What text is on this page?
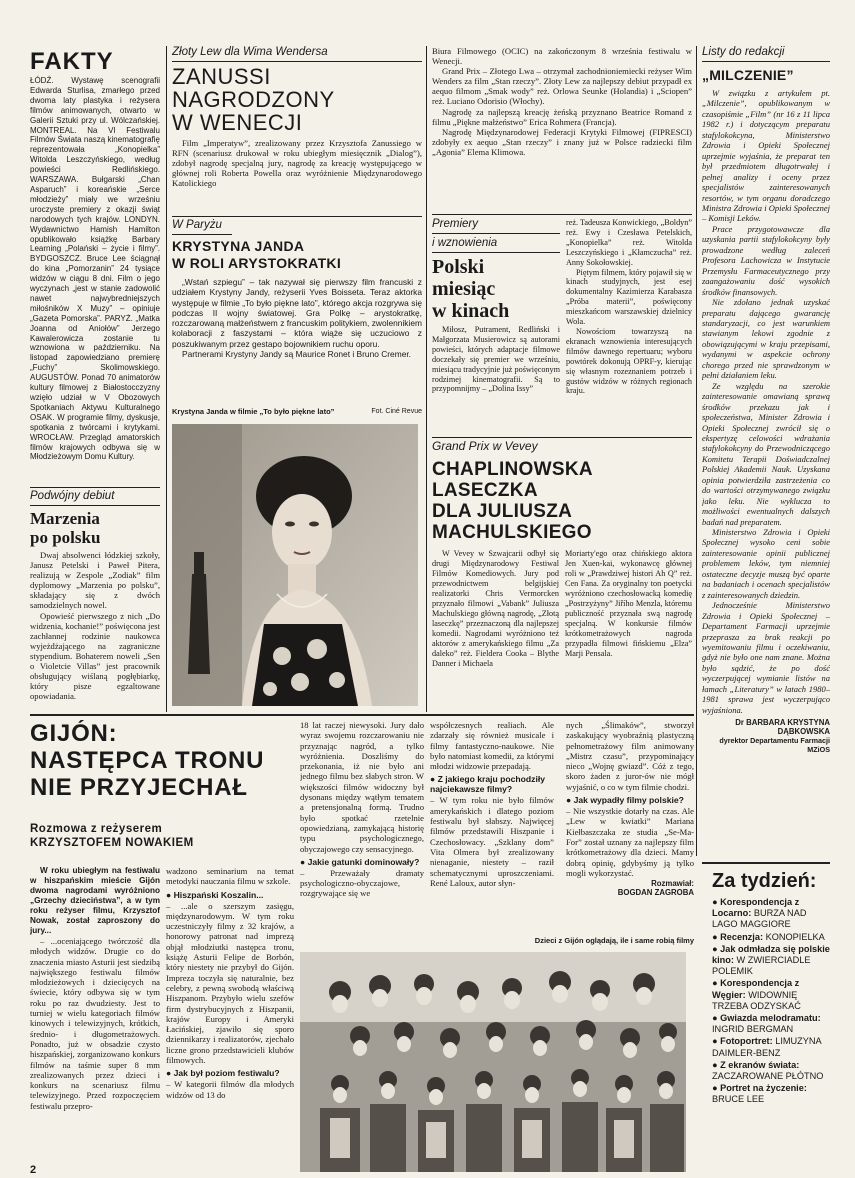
FAKTY

ŁÓDŹ. Wystawę scenografii Edwarda Sturlisa, zmarłego przed dwoma laty plastyka i reżysera filmów animowanych, otwarto w Galerii Sztuki przy ul. Wólczańskiej. MONTREAL. Na VI Festiwalu Filmów Świata naszą kinematografię reprezentowała „Konopielka” Witolda Leszczyńskiego, według powieści Redlińskiego. WARSZAWA. Bułgarski „Chan Asparuch” i koreańskie „Serce młodzieży” miały we wrześniu uroczyste premiery z okazji świąt narodowych tych krajów. LONDYN. Wydawnictwo Hamish Hamilton opublikowało książkę Barbary Learning „Polański – życie i filmy”. BYDGOSZCZ. Bruce Lee ściągnął do kina „Pomorzanin” 24 tysiące widzów w ciągu 8 dni. Film o jego wyczynach „jest w stanie zadowolić nawet najwybredniejszych miłośników X Muzy” – opiniuje „Gazeta Pomorska”. PARYŻ. „Matka Joanna od Aniołów” Jerzego Kawalerowicza zostanie tu wznowiona w październiku. Na listopad zapowiedziano premierę „Fuchy” Skolimowskiego. AUGUSTÓW. Ponad 70 animatorów kultury filmowej z Białostocczyzny wzięło udział w V Obozowych Spotkaniach Aktywu Kulturalnego OSAK. W programie filmy, dyskusje, spotkania z twórcami i krytykami. WROCŁAW. Przegląd amatorskich filmów krajowych odbywa się w Młodzieżowym Domu Kultury.

Podwójny debiut
Marzenia
po polsku

Dwaj absolwenci łódzkiej szkoły, Janusz Petelski i Paweł Pitera, realizują w Zespole „Zodiak” film dyplomowy „Marzenia po polsku”, składający się z dwóch samodzielnych nowel.

Opowieść pierwszego z nich „Do widzenia, kochanie!” poświęcona jest zachłannej rodzinie naukowca wyjeżdżającego na zagraniczne stypendium. Bohaterem noweli „Sen o Violetcie Villas” jest pracownik obsługujący wiślaną pogłębiarkę, który pisze egzaltowane opowiadania.

Złoty Lew dla Wima Wendersa
ZANUSSI
NAGRODZONY
W WENECJI

Film „Imperatyw”, zrealizowany przez Krzysztofa Zanussiego w RFN (scenariusz drukował w roku ubiegłym miesięcznik „Dialog”), zdobył nagrodę specjalną jury, nagrodę za kreację występującego w głównej roli Roberta Powella oraz wyróżnienie Międzynarodowego Katolickiego

W Paryżu
KRYSTYNA JANDA
W ROLI ARYSTOKRATKI

„Wstań szpiegu” – tak nazywał się pierwszy film francuski z udziałem Krystyny Jandy, reżyserii Yves Boisseta. Teraz aktorka występuje w filmie „To było piękne lato”, którego akcja rozgrywa się podczas II wojny światowej. Gra Polkę – arystokratkę, rozczarowaną małżeństwem z francuskim politykiem, zwolennikiem kolaboracji z faszystami – która wiąże się uczuciowo z poszukiwanym przez gestapo bojownikiem ruchu oporu.

Partnerami Krystyny Jandy są Maurice Ronet i Bruno Cremer.

Krystyna Janda w filmie „To było piękne lato”	Fot. Ciné Revue

Biura Filmowego (OCIC) na zakończonym 8 września festiwalu w Wenecji.

Grand Prix – Złotego Lwa – otrzymał zachodnioniemiecki reżyser Wim Wenders za film „Stan rzeczy”. Złoty Lew za najlepszy debiut przypadł ex aequo filmom „Smak wody” reż. Orlowa Seunke (Holandia) i „Sciopen” reż. Luciano Odorisio (Włochy).

Nagrodę za najlepszą kreację żeńską przyznano Beatrice Romand z filmu „Piękne małżeństwo” Erica Rohmera (Francja).

Nagrodę Międzynarodowej Federacji Krytyki Filmowej (FIPRESCI) zdobyły ex aequo „Stan rzeczy” i znany już w Polsce radziecki film „Agonia” Elema Klimowa.

Premiery
i wznowienia
Polski
miesiąc
w kinach

Miłosz, Putrament, Redliński i Małgorzata Musierowicz są autorami powieści, których adaptacje filmowe doczekały się premier we wrześniu, miesiącu tradycyjnie już poświęconym rodzimej kinematografii. Są to przypomnijmy – „Dolina Issy”

reż. Tadeusza Konwickiego, „Boldyn” reż. Ewy i Czesława Petelskich, „Konopielka” reż. Witolda Leszczyńskiego i „Kłamczucha” reż. Anny Sokołowskiej.

Piętym filmem, który pojawił się w kinach studyjnych, jest esej dokumentalny Kazimierza Karabasza „Próba materii”, poświęcony mieszkańcom warszawskiej dzielnicy Wola.

Nowościom towarzyszą na ekranach wznowienia interesujących filmów dawnego repertuaru; wyboru powtórek dokonują OPRF-y, kierując się własnym rozeznaniem potrzeb i gustów widzów w różnych regionach kraju.

Grand Prix w Vevey
CHAPLINOWSKA
LASECZKA
DLA JULIUSZA
MACHULSKIEGO

W Vevey w Szwajcarii odbył się drugi Międzynarodowy Festiwal Filmów Komediowych. Jury pod przewodnictwem belgijskiej realizatorki Chris Vermorcken przyznało filmowi „Vabank” Juliusza Machulskiego główną nagrodę, „Złotą laseczkę” przeznaczoną dla najlepszej komedii. Nagrodami wyróżniono też aktorów z amerykańskiego filmu „Za daleko” reż. Fieldera Cooka – Blythe Danner i Michaela

Moriarty'ego oraz chińskiego aktora Jen Xuen-kai, wykonawcę głównej roli w „Prawdziwej histori Ah Q” reż. Cen Fana. Za oryginalny ton poetycki wyróżniono czechosłowacką komedię „Postrzyżyny” Jiřího Menzla, któremu publiczność przyznała swą nagrodę specjalną. W konkursie filmów krótkometrażowych nagroda przypadła filmowi fińskiemu „Elza” Marji Pensala.

Listy do redakcji
„MILCZENIE”

W związku z artykułem pt. „Milczenie”, opublikowanym w czasopiśmie „Film” (nr 16 z 11 lipca 1982 r.) i dotyczącym preparatu stafylokokcyna, Ministerstwo Zdrowia i Opieki Społecznej uprzejmie wyjaśnia, że preparat ten był przedmiotem długotrwałej i pełnej analizy i oceny przez specjalistów zainteresowanych resortów, w tym organu doradczego Ministra Zdrowia i Opieki Społecznej – Komisji Leków.

Prace przygotowawcze dla uzyskania partii stafylokokcyny były prowadzone według zaleceń Profesora Lachowicza w Instytucie Przemysłu Farmaceutycznego przy zaangażowaniu dość wysokich środków finansowych.

Nie zdołano jednak uzyskać preparatu dającego gwarancję standaryzacji, co jest warunkiem stawianym lekowi zgodnie z obowiązującymi w kraju przepisami, wydanymi w aspekcie ochrony chorego przed nie sprawdzonym w pełni działaniem leku.

Ze względu na szerokie zainteresowanie omawianą sprawą środków przekazu jak i społeczeństwa, Minister Zdrowia i Opieki Społecznej zwrócił się o ekspertyzę celowości wdrażania stafylokokcyny do Przewodniczącego Komitetu Terapii Doświadczalnej Polskiej Akademii Nauk. Uzyskana opinia potwierdziła zastrzeżenia co do wartości otrzymywanego związku jako leku. Nie wyklucza to możliwości ewentualnych dalszych badań nad preparatem.

Ministerstwo Zdrowia i Opieki Społecznej wysoko ceni sobie zainteresowanie opinii publicznej problemem leków, tym niemniej ostateczne decyzje muszą być oparte na badaniach i ocenach specjalistów z zainteresowanych dziedzin.

Jednocześnie Ministerstwo Zdrowia i Opieki Społecznej – Departament Farmacji uprzejmie przeprasza za brak reakcji po wyemitowaniu filmu i oczekiwaniu, gdyż nie było one nam znane. Można było sądzić, że po dość wyczerpującej wymianie listów na łamach „Literatury” w latach 1980–1981 sprawa jest wyczerpująco wyjaśniona.

Dr BARBARA KRYSTYNA DĄBKOWSKA

dyrektor Departamentu Farmacji MZiOS

GIJÓN:
NASTĘPCA TRONU
NIE PRZYJECHAŁ

Rozmowa z reżyserem

KRZYSZTOFEM NOWAKIEM

W roku ubiegłym na festiwalu w hiszpańskim mieście Gijón dwoma nagrodami wyróżniono „Grzechy dzieciństwa”, a w tym roku reżyser filmu, Krzysztof Nowak, został zaproszony do jury...

– ...oceniającego twórczość dla młodych widzów. Drugie co do znaczenia miasto Asturii jest siedzibą największego festiwalu filmów młodzieżowych i dziecięcych na świecie, który odbywa się w tym roku po raz dwudziesty. Jest to turniej w wielu kategoriach filmów kinowych i telewizyjnych, krótkich, średnio- i długometrażowych. Ponadto, już w obsadzie czysto hiszpańskiej, zorganizowano konkurs filmów na taśmie super 8 mm zrealizowanych przez dzieci i konkurs na scenariusz filmu telewizyjnego. Przed rozpoczęciem festiwalu przepro-

wadzono seminarium na temat metodyki nauczania filmu w szkole.

● Hiszpański Koszalin...

– ...ale o szerszym zasięgu, międzynarodowym. W tym roku uczestniczyły filmy z 32 krajów, a honorowy patronat nad imprezą objął młodziutki następca tronu, książę Asturii Felipe de Borbón, który niestety nie przybył do Gijón. Impreza toczyła się naturalnie, bez celebry, z pewną swobodą właściwą Hiszpanom. Przybyło wielu szefów firm dystrybucyjnych z Hiszpanii, krajów Europy i Ameryki Łacińskiej, zjawiło się sporo dziennikarzy i realizatorów, zjechało liczne grono przedstawicieli klubów filmowych.

● Jak był poziom festiwalu?

– W kategorii filmów dla młodych widzów od 13 do

18 lat raczej niewysoki. Jury dało wyraz swojemu rozczarowaniu nie przyznając nagród, a tylko wyróżnienia. Doszliśmy do przekonania, iż nie było ani jednego filmu bez słabych stron. W większości filmów widoczny był dysonans między wątłym tematem a pretensjonalną formą. Trudno było spotkać rzetelnie opowiedzianą, zamykającą historię typu psychologicznego, obyczajowego czy sensacyjnego.

● Jakie gatunki dominowały?

– Przeważały dramaty psychologiczno-obyczajowe, rozgrywające się we

współczesnych realiach. Ale zdarzały się również musicale i filmy fantastyczno-naukowe. Nie było natomiast komedii, za którymi młodzi widzowie przepadają.

● Z jakiego kraju pochodziły najciekawsze filmy?

– W tym roku nie było filmów amerykańskich i dlatego poziom festiwalu był słabszy. Najwięcej filmów przedstawili Hiszpanie i Czechosłowacy. „Szklany dom” Vita Olmera był zrealizowany nienaganie, niestety – raził schematycznymi uproszczeniami. René Laloux, autor słyn-

nych „Ślimaków”, stworzył zaskakujący wyobraźnią plastyczną pełnometrażowy film animowany „Mistrz czasu”, przypominający nieco „Wojnę gwiazd”. Cóż z tego, skoro żaden z juror-ów nie mógł wyjaśnić, o co w tym filmie chodzi.

● Jak wypadły filmy polskie?

– Nie wszystkie dotarły na czas. Ale „Lew w kwiatki” Mariana Kiełbaszczaka ze studia „Se-Ma-For” został uznany za najlepszy film krótkometrażowy dla dzieci. Mamy dobrą opinię, gdybyśmy ją tylko mogli wykorzystać.

Rozmawiał:
BOGDAN ZAGROBA

Dzieci z Gijón oglądają, ile i same robią filmy

Za tydzień:

● Korespondencja z Locarno: BURZA NAD LAGO MAGGIORE

● Recenzja: KONOPIELKA

● Jak odmładza się polskie kino: W ZWIERCIADLE POLEMIK

● Korespondencja z Węgier: WIDOWNIĘ TRZEBA ODZYSKAĆ

● Gwiazda melodramatu: INGRID BERGMAN

● Fotoportret: LIMUZYNA DAIMLER-BENZ

● Z ekranów świata: ZACZAROWANE PŁÓTNO

● Portret na życzenie: BRUCE LEE

2
